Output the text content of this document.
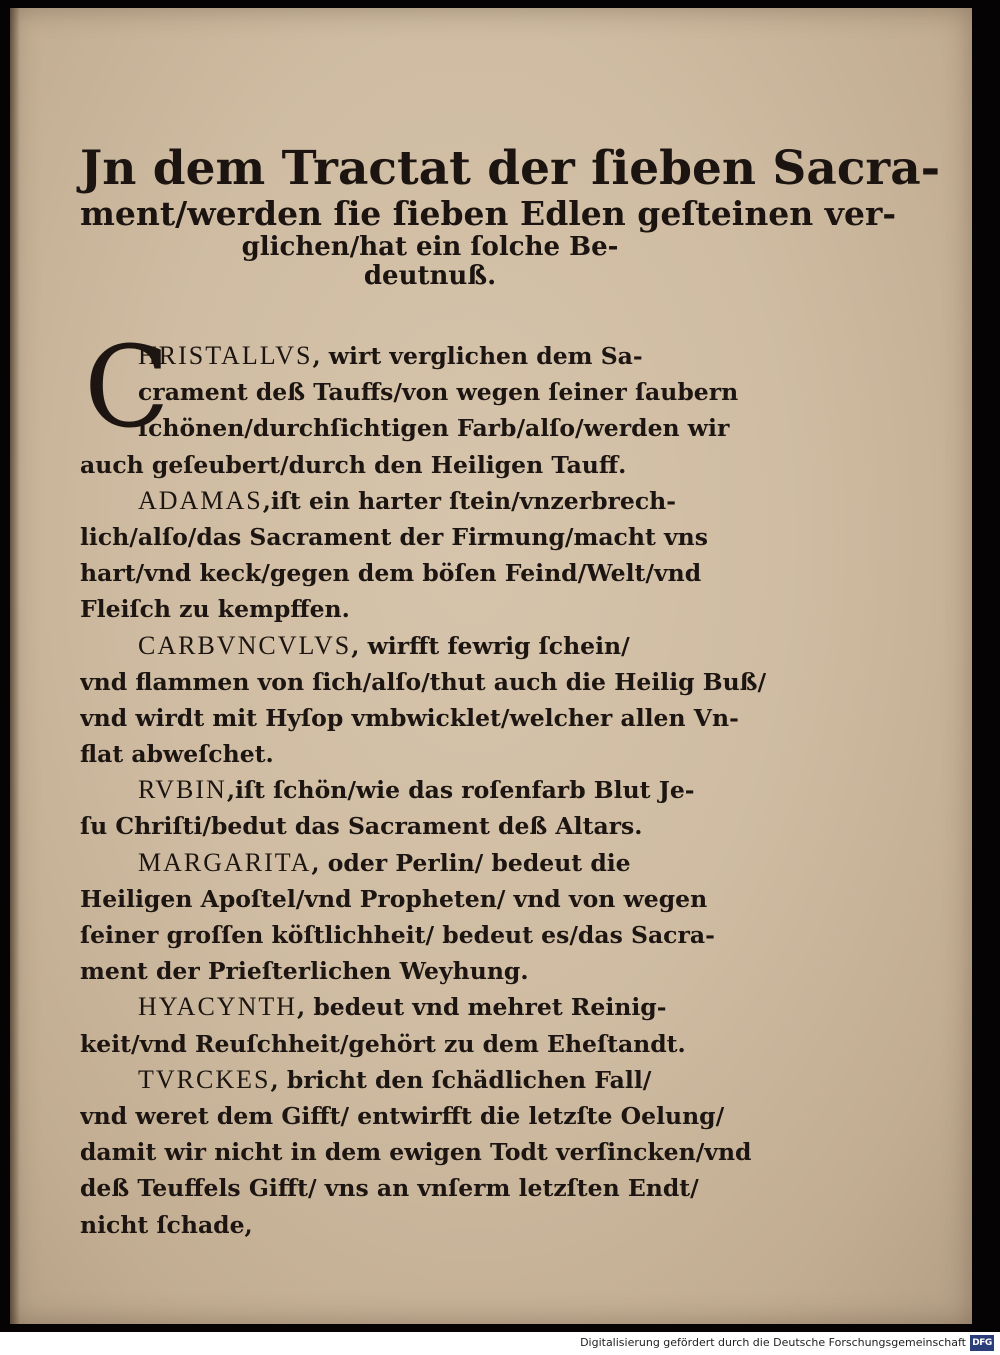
Jn dem Tractat der ſieben Sacra-
ment/werden ſie ſieben Edlen geſteinen ver-
glichen/hat ein ſolche Be-
deutnuß.
C
HRISTALLVS, wirt verglichen dem Sa-
crament deß Tauffs/von wegen ſeiner ſaubern
ſchönen/durchſichtigen Farb/alſo/werden wir
auch geſeubert/durch den Heiligen Tauff.
ADAMAS,iſt ein harter ſtein/vnzerbrech-
lich/alſo/das Sacrament der Firmung/macht vns
hart/vnd keck/gegen dem böſen Feind/Welt/vnd
Fleiſch zu kempffen.
CARBVNCVLVS, wirfft fewrig ſchein/
vnd flammen von ſich/alſo/thut auch die Heilig Buß/
vnd wirdt mit Hyſop vmbwicklet/welcher allen Vn-
flat abweſchet.
RVBIN,iſt ſchön/wie das roſenfarb Blut Je-
ſu Chriſti/bedut das Sacrament deß Altars.
MARGARITA, oder Perlin/ bedeut die
Heiligen Apoſtel/vnd Propheten/ vnd von wegen
ſeiner groſſen köſtlichheit/ bedeut es/das Sacra-
ment der Prieſterlichen Weyhung.
HYACYNTH, bedeut vnd mehret Reinig-
keit/vnd Reuſchheit/gehört zu dem Eheſtandt.
TVRCKES, bricht den ſchädlichen Fall/
vnd weret dem Gifft/ entwirfft die letzſte Oelung/
damit wir nicht in dem ewigen Todt verſincken/vnd
deß Teuffels Gifft/ vns an vnſerm letzſten Endt/
nicht ſchade,
Digitalisierung gefördert durch die Deutsche Forschungsgemeinschaft DFG
